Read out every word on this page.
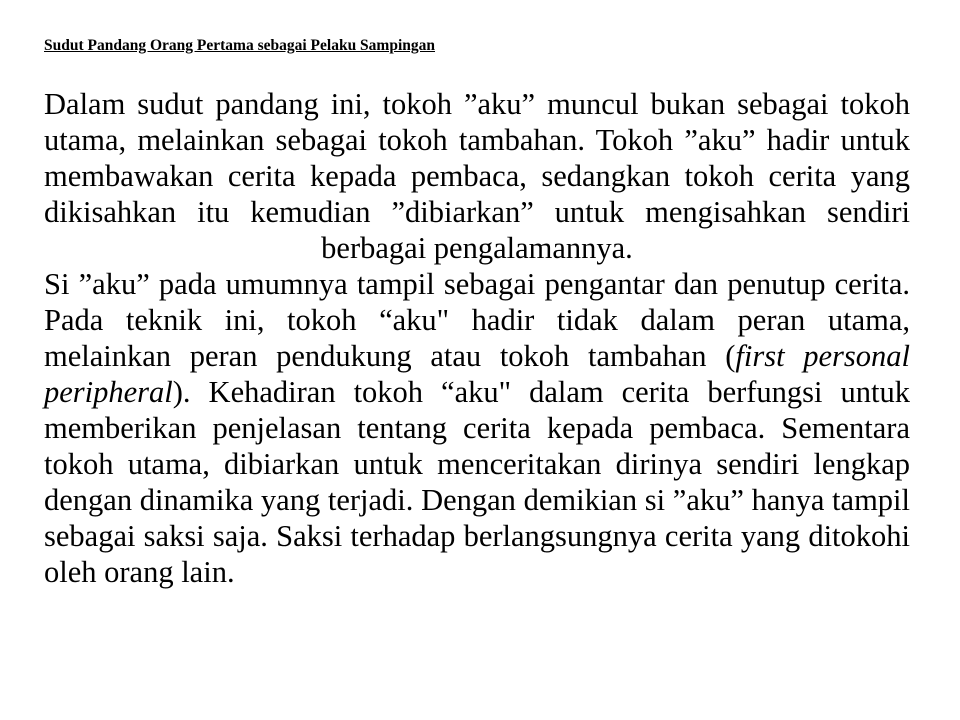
Sudut Pandang Orang Pertama sebagai Pelaku Sampingan

Dalam sudut pandang ini, tokoh ”aku” muncul bukan sebagai tokoh utama, melainkan sebagai tokoh tambahan. Tokoh ”aku” hadir untuk membawakan cerita kepada pembaca, sedangkan tokoh cerita yang dikisahkan itu kemudian ”dibiarkan” untuk mengisahkan sendiri berbagai pengalamannya.

Si ”aku” pada umumnya tampil sebagai pengantar dan penutup cerita. Pada teknik ini, tokoh “aku" hadir tidak dalam peran utama, melainkan peran pendukung atau tokoh tambahan (first personal peripheral). Kehadiran tokoh “aku" dalam cerita berfungsi untuk memberikan penjelasan tentang cerita kepada pembaca. Sementara tokoh utama, dibiarkan untuk menceritakan dirinya sendiri lengkap dengan dinamika yang terjadi. Dengan demikian si ”aku” hanya tampil sebagai saksi saja. Saksi terhadap berlangsungnya cerita yang ditokohi oleh orang lain.
